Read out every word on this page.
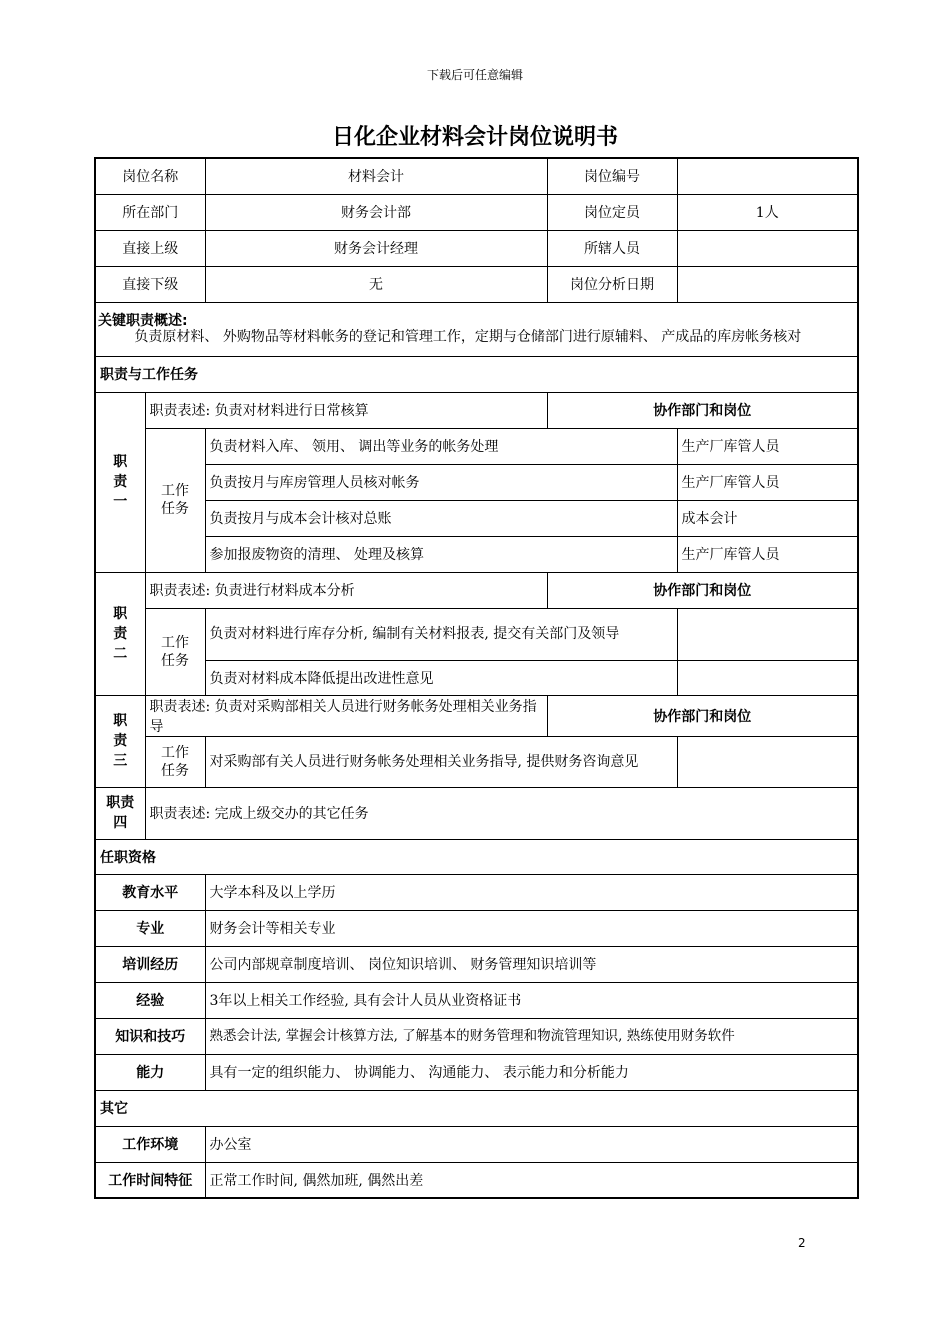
下载后可任意编辑
日化企业材料会计岗位说明书
岗位名称		材料会计	岗位编号	
所在部门		财务会计部	岗位定员	1人
直接上级		财务会计经理	所辖人员	
直接下级		无	岗位分析日期	

关键职责概述:
负责原材料、 外购物品等材料帐务的登记和管理工作，定期与仓储部门进行原辅料、 产成品的库房帐务核对				

职责与工作任务				
职责一	职责表述: 负责对材料进行日常核算		协作部门和岗位	
	工作任务	负责材料入库、 领用、 调出等业务的帐务处理		生产厂库管人员
		负责按月与库房管理人员核对帐务		生产厂库管人员
		负责按月与成本会计核对总账		成本会计
		参加报废物资的清理、 处理及核算		生产厂库管人员
职责二	职责表述: 负责进行材料成本分析		协作部门和岗位	
	工作任务	负责对材料进行库存分析, 编制有关材料报表, 提交有关部门及领导		
		负责对材料成本降低提出改进性意见		
职责三	职责表述: 负责对采购部相关人员进行财务帐务处理相关业务指导		协作部门和岗位	
	工作任务	对采购部有关人员进行财务帐务处理相关业务指导, 提供财务咨询意见		
职责四	职责表述: 完成上级交办的其它任务			
任职资格				
教育水平		大学本科及以上学历		
专业		财务会计等相关专业		
培训经历		公司内部规章制度培训、 岗位知识培训、 财务管理知识培训等		
经验		3年以上相关工作经验, 具有会计人员从业资格证书		
知识和技巧		熟悉会计法, 掌握会计核算方法, 了解基本的财务管理和物流管理知识, 熟练使用财务软件		
能力		具有一定的组织能力、 协调能力、 沟通能力、 表示能力和分析能力		
其它				
工作环境		办公室		
工作时间特征		正常工作时间, 偶然加班, 偶然出差		
2
